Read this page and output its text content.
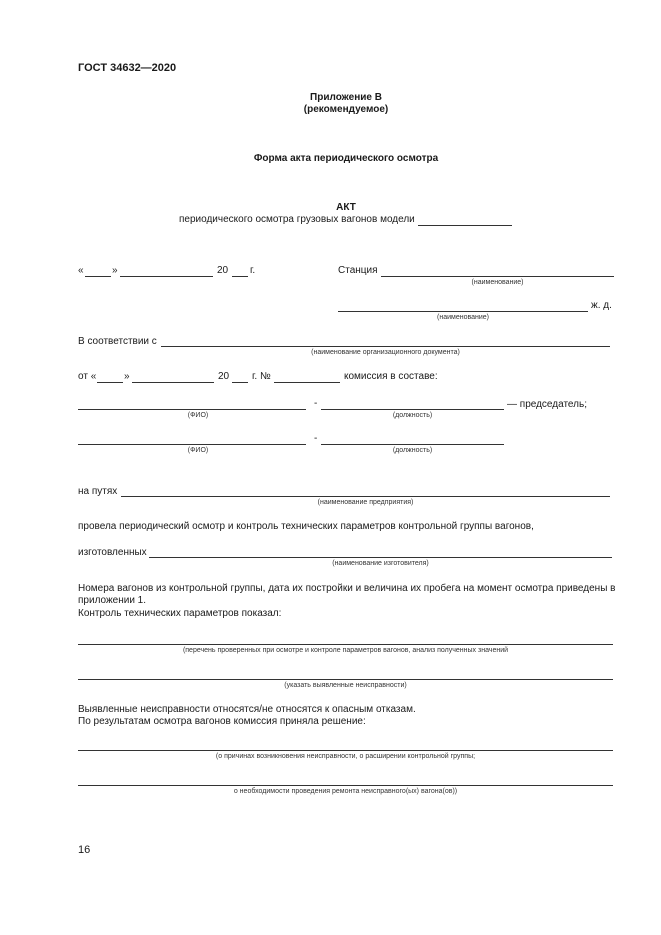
ГОСТ 34632—2020
Приложение В
(рекомендуемое)
Форма акта периодического осмотра
АКТ
периодического осмотра грузовых вагонов модели
«	»	20 г.	Станция
(наименование)
ж. д.
(наименование)
В соответствии с
(наименование организационного документа)
от «	»	20 г. №	комиссия в составе:
-	— председатель;
(ФИО)	(должность)
-
(ФИО)	(должность)
на путях
(наименование предприятия)
провела периодический осмотр и контроль технических параметров контрольной группы вагонов,
изготовленных
(наименование изготовителя)
Номера вагонов из контрольной группы, дата их постройки и величина их пробега на момент осмотра приведены в приложении 1.
Контроль технических параметров показал:
(перечень проверенных при осмотре и контроле параметров вагонов, анализ полученных значений
(указать выявленные неисправности)
Выявленные неисправности относятся/не относятся к опасным отказам.
По результатам осмотра вагонов комиссия приняла решение:
(о причинах возникновения неисправности, о расширении контрольной группы;
о необходимости проведения ремонта неисправного(ых) вагона(ов))
16
